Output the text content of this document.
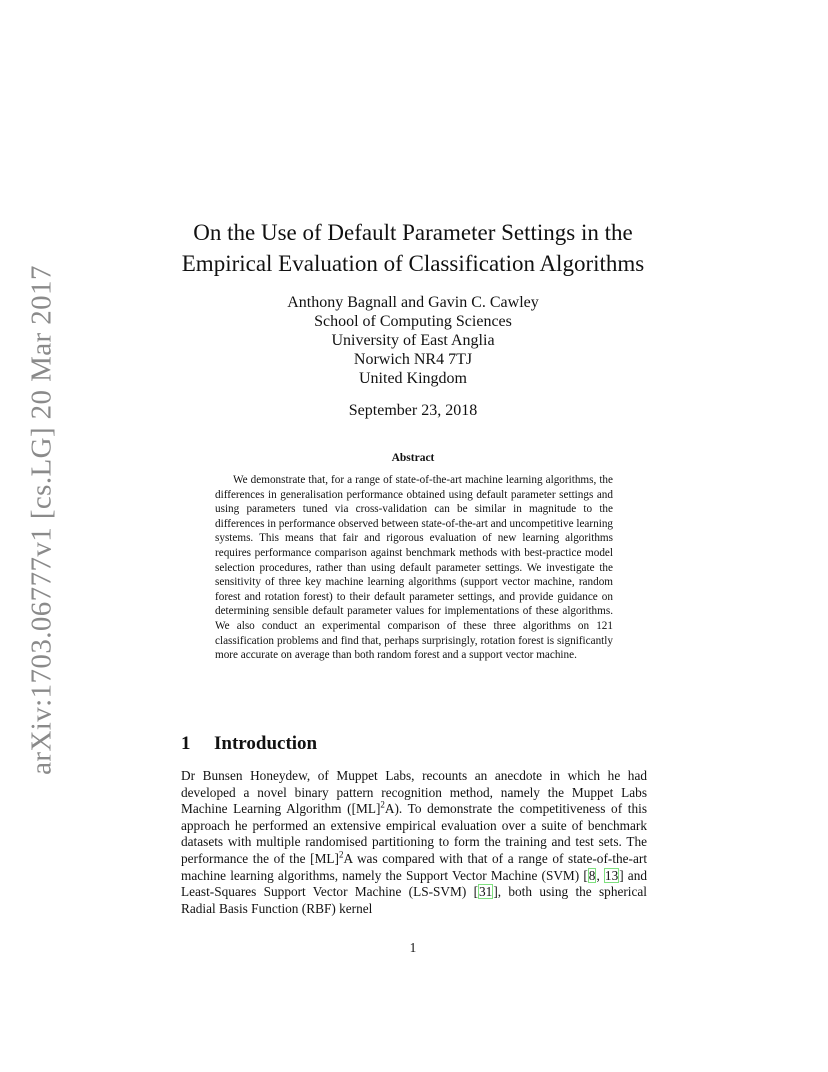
arXiv:1703.06777v1 [cs.LG] 20 Mar 2017
On the Use of Default Parameter Settings in the
Empirical Evaluation of Classification Algorithms
Anthony Bagnall and Gavin C. Cawley
School of Computing Sciences
University of East Anglia
Norwich NR4 7TJ
United Kingdom
September 23, 2018
Abstract
We demonstrate that, for a range of state-of-the-art machine learning algorithms, the differences in generalisation performance obtained using default parameter settings and using parameters tuned via cross-validation can be similar in magnitude to the differences in performance observed between state-of-the-art and uncompetitive learning systems. This means that fair and rigorous evaluation of new learning algorithms requires performance comparison against benchmark methods with best-practice model selection procedures, rather than using default parameter settings. We investigate the sensitivity of three key machine learning algorithms (support vector machine, random forest and rotation forest) to their default parameter settings, and provide guidance on determining sensible default parameter values for implementations of these algorithms. We also conduct an experimental comparison of these three algorithms on 121 classification problems and find that, perhaps surprisingly, rotation forest is significantly more accurate on average than both random forest and a support vector machine.
1 Introduction
Dr Bunsen Honeydew, of Muppet Labs, recounts an anecdote in which he had developed a novel binary pattern recognition method, namely the Muppet Labs Machine Learning Algorithm ([ML]$^2$A). To demonstrate the competitiveness of this approach he performed an extensive empirical evaluation over a suite of benchmark datasets with multiple randomised partitioning to form the training and test sets. The performance the of the [ML]$^2$A was compared with that of a range of state-of-the-art machine learning algorithms, namely the Support Vector Machine (SVM) [8, 13] and Least-Squares Support Vector Machine (LS-SVM) [31], both using the spherical Radial Basis Function (RBF) kernel
1
